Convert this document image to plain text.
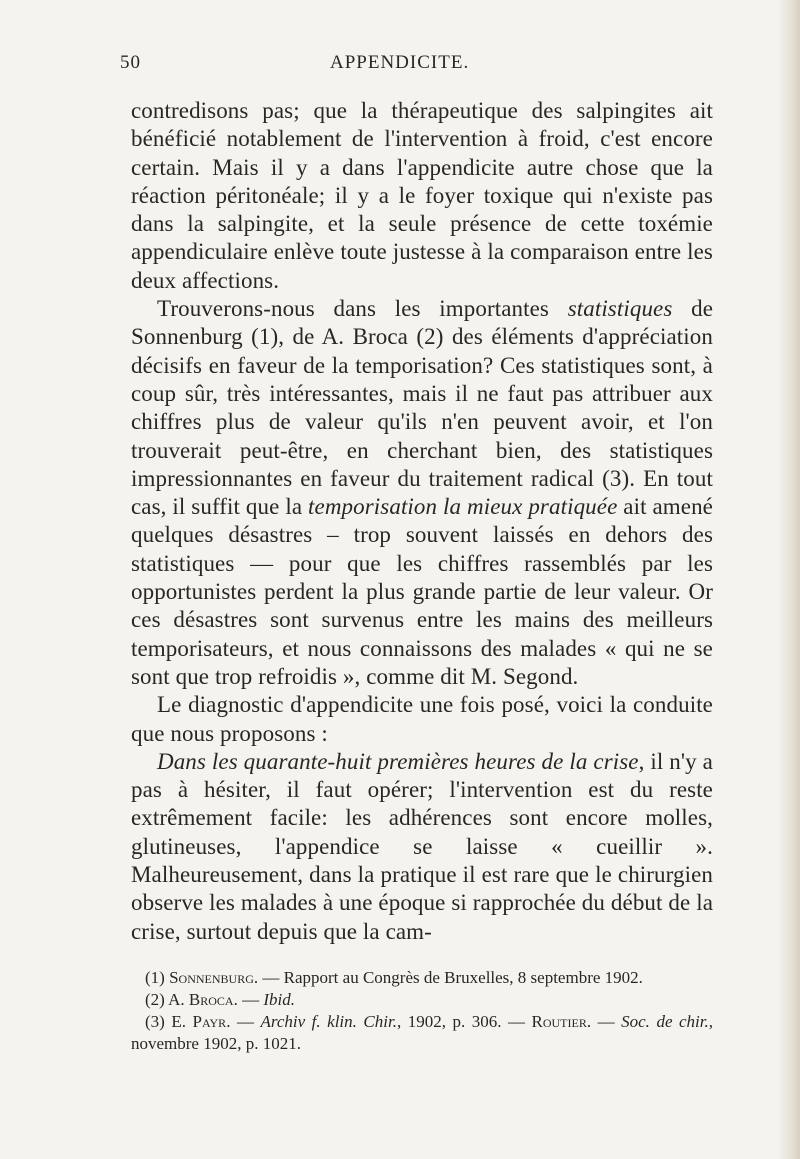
50	APPENDICITE.

contredisons pas; que la thérapeutique des salpingites ait bénéficié notablement de l'intervention à froid, c'est encore certain. Mais il y a dans l'appendicite autre chose que la réaction péritonéale; il y a le foyer toxique qui n'existe pas dans la salpingite, et la seule présence de cette toxémie appendiculaire enlève toute justesse à la comparaison entre les deux affections.

Trouverons-nous dans les importantes statistiques de Sonnenburg (1), de A. Broca (2) des éléments d'appréciation décisifs en faveur de la temporisation? Ces statistiques sont, à coup sûr, très intéressantes, mais il ne faut pas attribuer aux chiffres plus de valeur qu'ils n'en peuvent avoir, et l'on trouverait peut-être, en cherchant bien, des statistiques impressionnantes en faveur du traitement radical (3). En tout cas, il suffit que la temporisation la mieux pratiquée ait amené quelques désastres – trop souvent laissés en dehors des statistiques — pour que les chiffres rassemblés par les opportunistes perdent la plus grande partie de leur valeur. Or ces désastres sont survenus entre les mains des meilleurs temporisateurs, et nous connaissons des malades « qui ne se sont que trop refroidis », comme dit M. Segond.

Le diagnostic d'appendicite une fois posé, voici la conduite que nous proposons :

Dans les quarante-huit premières heures de la crise, il n'y a pas à hésiter, il faut opérer; l'intervention est du reste extrêmement facile: les adhérences sont encore molles, glutineuses, l'appendice se laisse « cueillir ». Malheureusement, dans la pratique il est rare que le chirurgien observe les malades à une époque si rapprochée du début de la crise, surtout depuis que la cam-

(1) Sonnenburg. — Rapport au Congrès de Bruxelles, 8 septembre 1902.

(2) A. Broca. — Ibid.

(3) E. Payr. — Archiv f. klin. Chir., 1902, p. 306. — Routier. — Soc. de chir., novembre 1902, p. 1021.
